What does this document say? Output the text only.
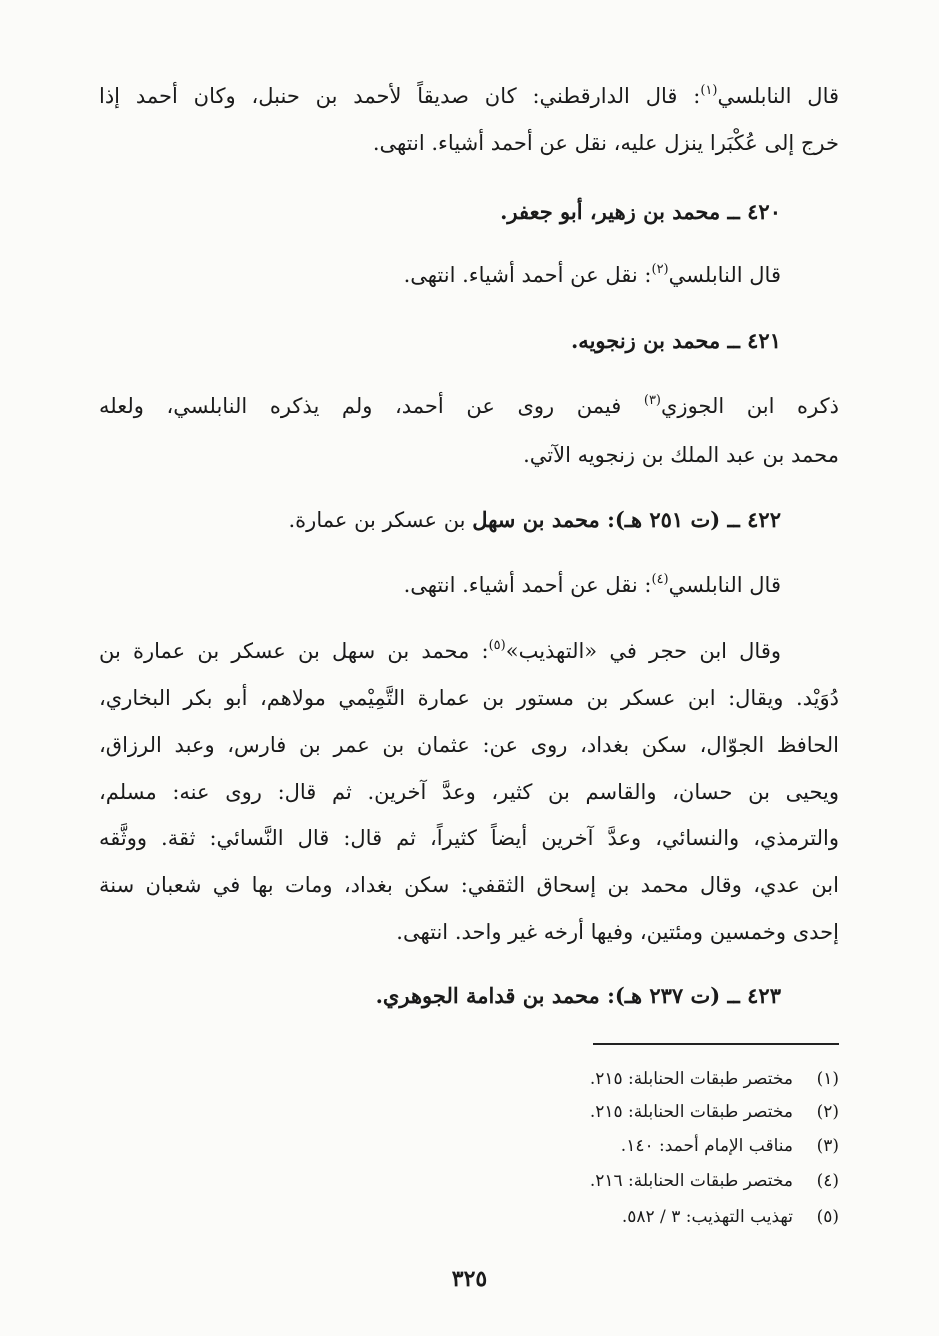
قال النابلسي$^{(١)}$: قال الدارقطني: كان صديقاً لأحمد بن حنبل، وكان أحمد إذا
خرج إلى عُكْبَرا ينزل عليه، نقل عن أحمد أشياء. انتهى.
٤٢٠ ــ محمد بن زهير، أبو جعفر.
قال النابلسي$^{(٢)}$: نقل عن أحمد أشياء. انتهى.
٤٢١ ــ محمد بن زنجويه.
ذكره ابن الجوزي$^{(٣)}$ فيمن روى عن أحمد، ولم يذكره النابلسي، ولعله
محمد بن عبد الملك بن زنجويه الآتي.
٤٢٢ ــ (ت ٢٥١ هـ): محمد بن سهل بن عسكر بن عمارة.
قال النابلسي$^{(٤)}$: نقل عن أحمد أشياء. انتهى.
وقال ابن حجر في «التهذيب»$^{(٥)}$: محمد بن سهل بن عسكر بن عمارة بن
دُوَيْد. ويقال: ابن عسكر بن مستور بن عمارة التَّمِيْمي مولاهم، أبو بكر البخاري،
الحافظ الجوّال، سكن بغداد، روى عن: عثمان بن عمر بن فارس، وعبد الرزاق،
ويحيى بن حسان، والقاسم بن كثير، وعدَّ آخرين. ثم قال: روى عنه: مسلم،
والترمذي، والنسائي، وعدَّ آخرين أيضاً كثيراً، ثم قال: قال النَّسائي: ثقة. ووثَّقه
ابن عدي، وقال محمد بن إسحاق الثقفي: سكن بغداد، ومات بها في شعبان سنة
إحدى وخمسين ومئتين، وفيها أرخه غير واحد. انتهى.
٤٢٣ ــ (ت ٢٣٧ هـ): محمد بن قدامة الجوهري.
(١)مختصر طبقات الحنابلة: ٢١٥.
(٢)مختصر طبقات الحنابلة: ٢١٥.
(٣)مناقب الإمام أحمد: ١٤٠.
(٤)مختصر طبقات الحنابلة: ٢١٦.
(٥)تهذيب التهذيب: ٣ / ٥٨٢.
٣٢٥
